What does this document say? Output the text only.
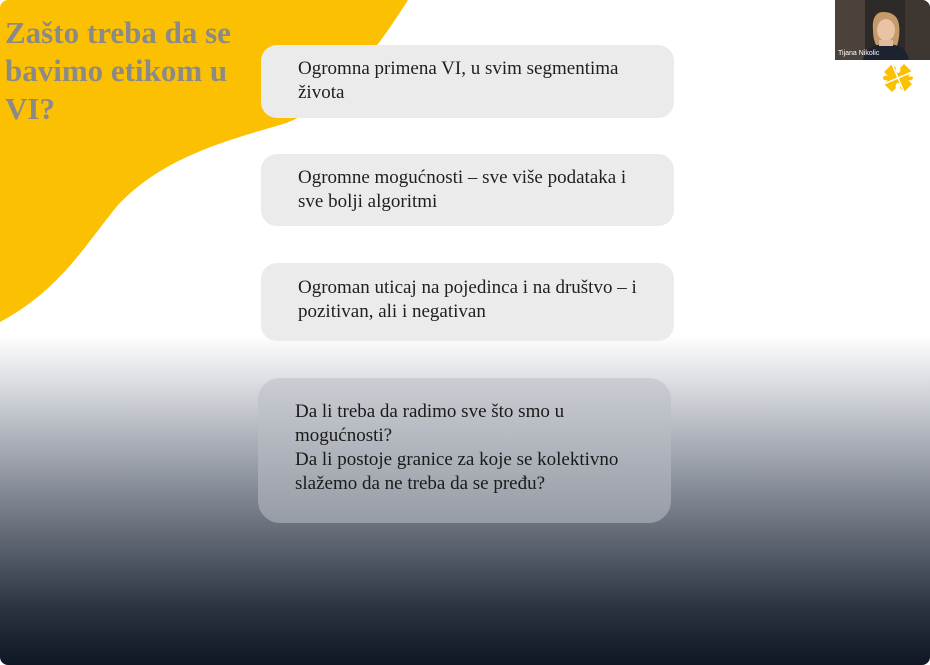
Zašto treba da se bavimo etikom u VI?

Ogromna primena VI, u svim segmentima života

Ogromne mogućnosti – sve više podataka i sve bolji algoritmi

Ogroman uticaj na pojedinca i na društvo – i pozitivan, ali i negativan

Da li treba da radimo sve što smo u mogućnosti?

Da li postoje granice za koje se kolektivno slažemo da ne treba da se pređu?

Tijana Nikolic
